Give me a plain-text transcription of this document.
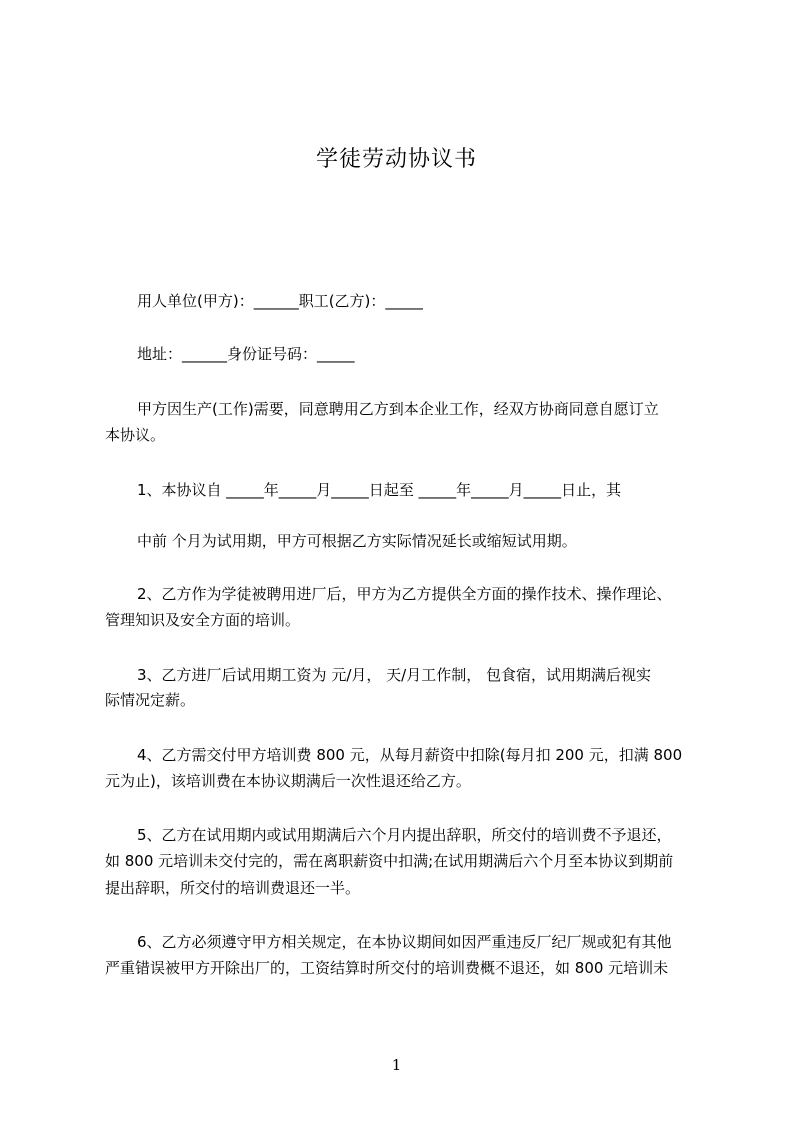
学徒劳动协议书
用人单位(甲方)：______职工(乙方)：_____
地址：______身份证号码：_____
甲方因生产(工作)需要，同意聘用乙方到本企业工作，经双方协商同意自愿订立
本协议。
1、本协议自 _____年_____月_____日起至 _____年_____月_____日止，其
中前 个月为试用期，甲方可根据乙方实际情况延长或缩短试用期。
2、乙方作为学徒被聘用进厂后，甲方为乙方提供全方面的操作技术、操作理论、
管理知识及安全方面的培训。
3、乙方进厂后试用期工资为 元/月， 天/月工作制， 包食宿，试用期满后视实
际情况定薪。
4、乙方需交付甲方培训费 800 元，从每月薪资中扣除(每月扣 200 元，扣满 800
元为止)，该培训费在本协议期满后一次性退还给乙方。
5、乙方在试用期内或试用期满后六个月内提出辞职，所交付的培训费不予退还，
如 800 元培训未交付完的，需在离职薪资中扣满;在试用期满后六个月至本协议到期前
提出辞职，所交付的培训费退还一半。
6、乙方必须遵守甲方相关规定，在本协议期间如因严重违反厂纪厂规或犯有其他
严重错误被甲方开除出厂的，工资结算时所交付的培训费概不退还，如 800 元培训未
1
